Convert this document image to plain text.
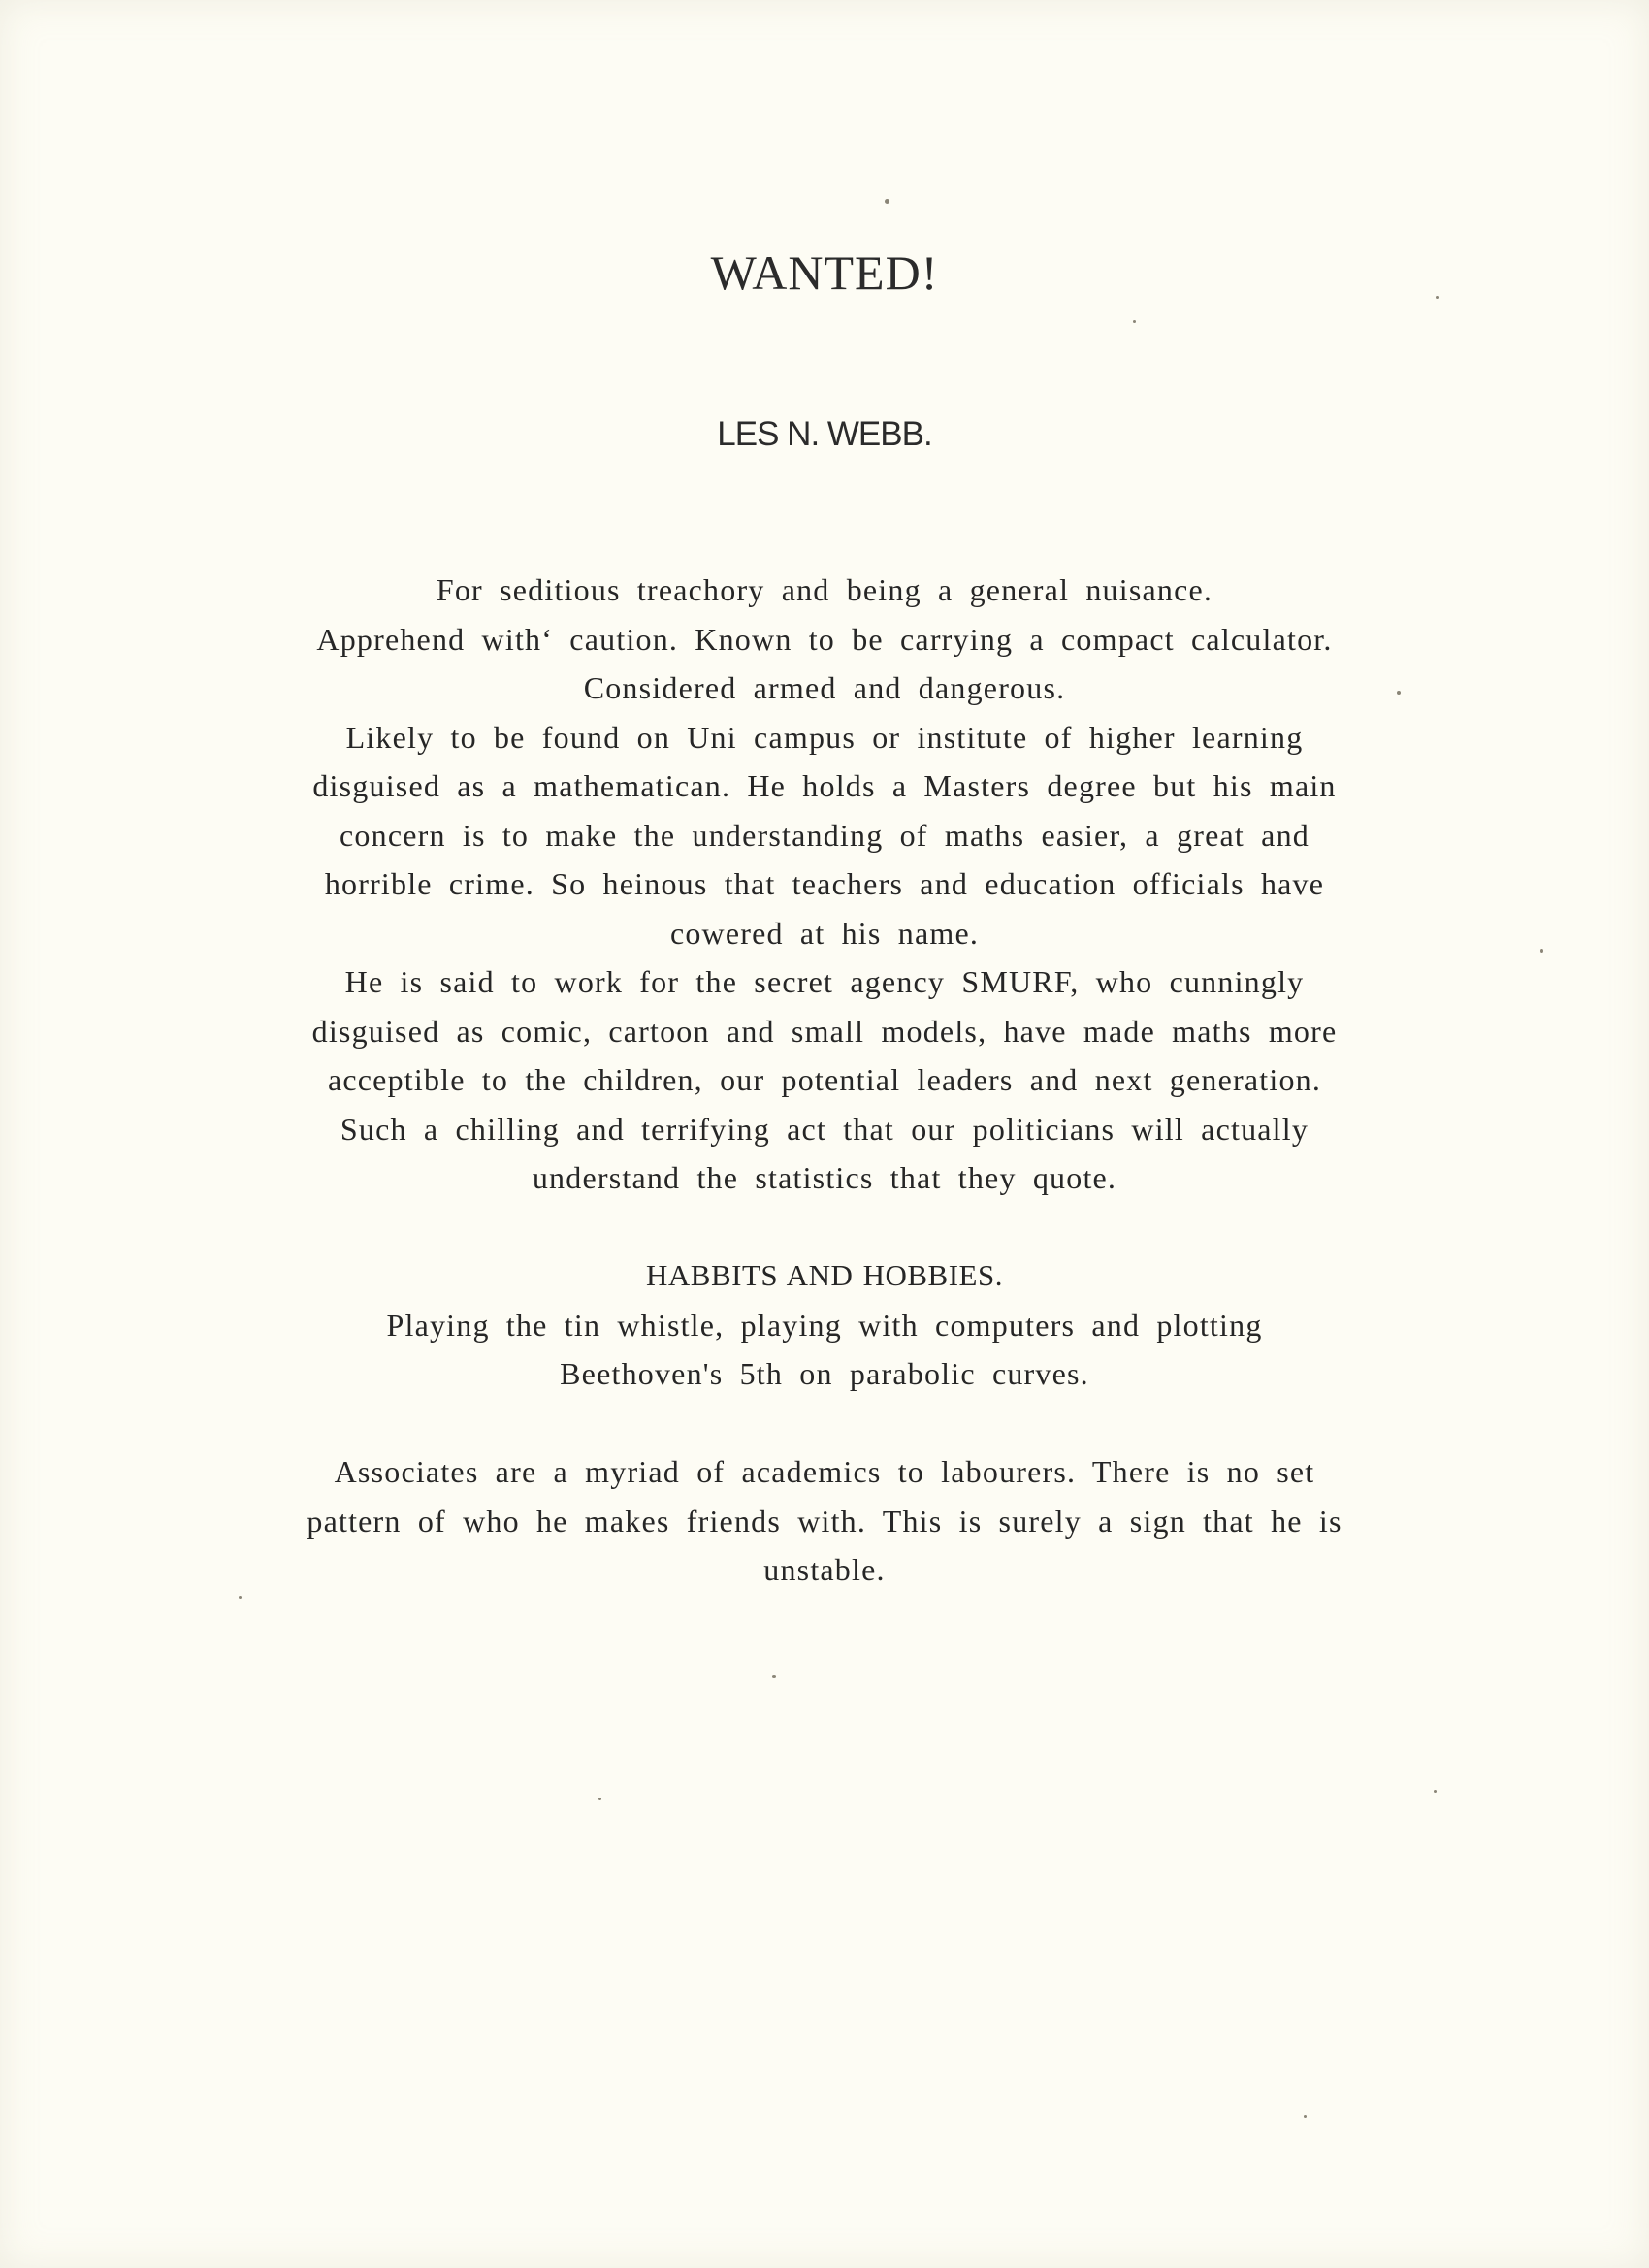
WANTED!
LES N. WEBB.
For seditious treachory and being a general nuisance.
Apprehend withʻ caution. Known to be carrying a compact calculator.
Considered armed and dangerous.
Likely to be found on Uni campus or institute of higher learning
disguised as a mathematican. He holds a Masters degree but his main
concern is to make the understanding of maths easier, a great and
horrible crime. So heinous that teachers and education officials have
cowered at his name.
He is said to work for the secret agency SMURF, who cunningly
disguised as comic, cartoon and small models, have made maths more
acceptible to the children, our potential leaders and next generation.
Such a chilling and terrifying act that our politicians will actually
understand the statistics that they quote.
HABBITS AND HOBBIES.
Playing the tin whistle, playing with computers and plotting
Beethoven's 5th on parabolic curves.
Associates are a myriad of academics to labourers. There is no set
pattern of who he makes friends with. This is surely a sign that he is
unstable.
